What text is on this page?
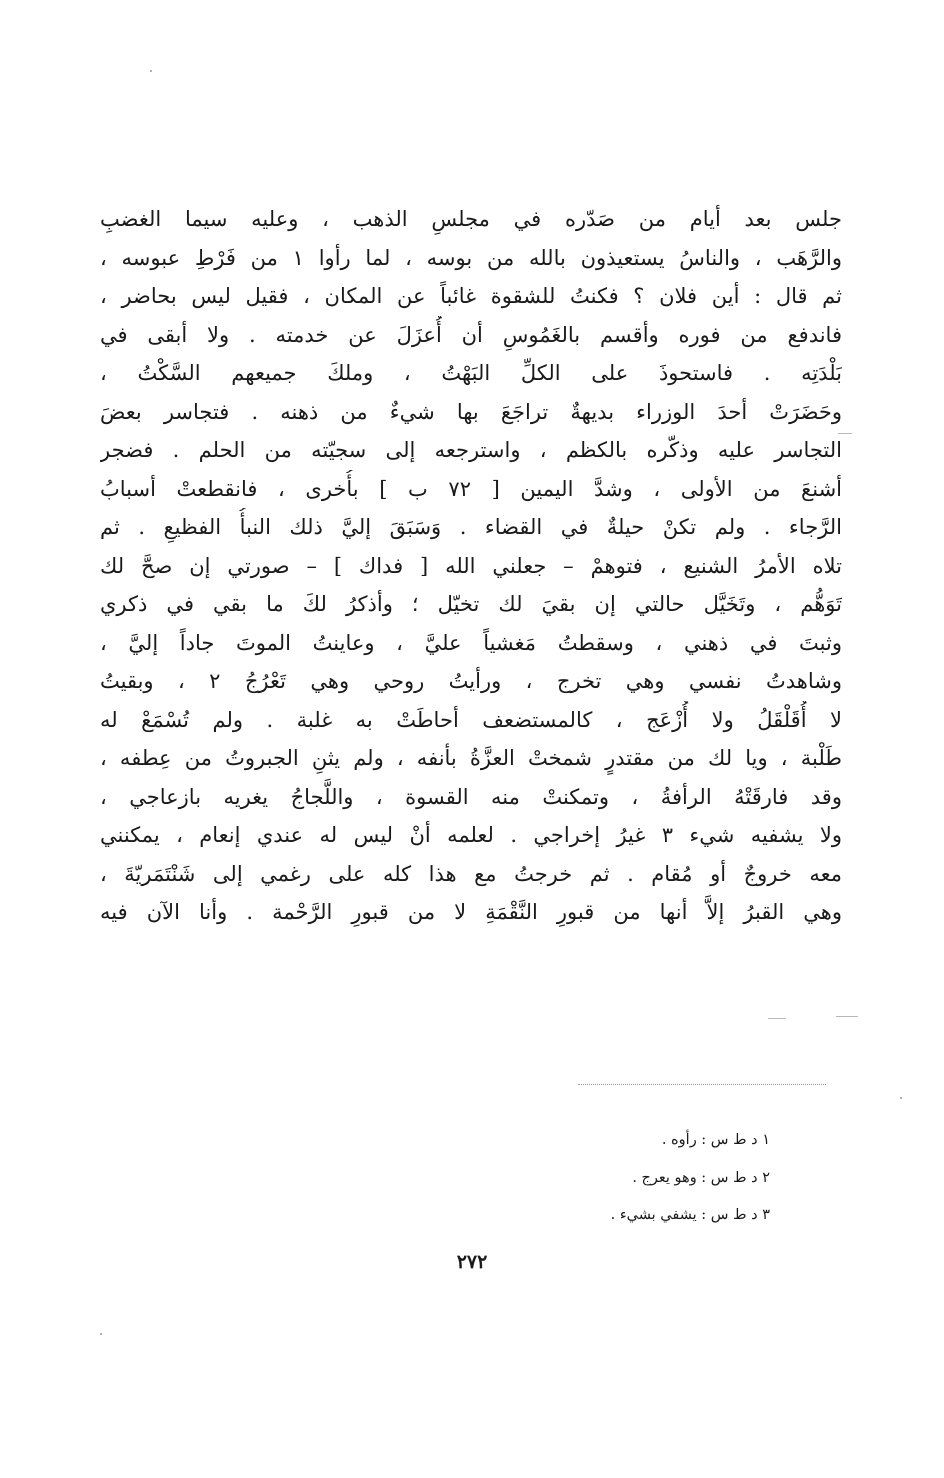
جلس بعد أيام من صَدّره في مجلسِ الذهب ، وعليه سيما الغضبِ
والرَّهَب ، والناسُ يستعيذون بالله من بوسه ، لما رأوا ١ من فَرْطِ عبوسه ،
ثم قال : أين فلان ؟ فكنتُ للشقوة غائباً عن المكان ، فقيل ليس بحاضر ،
فاندفع من فوره وأقسم بالغَمُوسِ أن أُعزَلَ عن خدمته . ولا أبقى في
بَلْدَتِه . فاستحوذَ على الكلِّ البَهْتُ ، وملكَ جميعهم السَّكْتُ ،
وحَضَرَتْ أحدَ الوزراء بديهةٌ تراجَعَ بها شيءٌ من ذهنه . فتجاسر بعضَ
التجاسر عليه وذكّره بالكظم ، واسترجعه إلى سجيّته من الحلم . فضجر
أشنعَ من الأولى ، وشدَّ اليمين [ ٧٢ ب ] بأُخرى ، فانقطعتْ أسبابُ
الرَّجاء . ولم تكنْ حيلةٌ في القضاء . وَسَبَقَ إليَّ ذلك النبأُ الفظيعِ . ثم
تلاه الأمرُ الشنيع ، فتوهمْ – جعلني الله [ فداك ] – صورتي إن صحَّ لك
تَوَهُّم ، وتَخَيَّل حالتي إن بقيَ لك تخيّل ؛ وأذكرُ لكَ ما بقي في ذكري
وثبتَ في ذهني ، وسقطتُ مَغشياً عليَّ ، وعاينتُ الموتَ جاداً إليَّ ،
وشاهدتُ نفسي وهي تخرج ، ورأيتُ روحي وهي تَعْرُجُ ٢ ، وبقيتُ
لا أُقَلْقَلُ ولا أُزْعَج ، كالمستضعف أحاطَتْ به غلبة . ولم تُسْمَعْ له
طَلْبة ، ويا لك من مقتدرٍ شمختْ العزَّةُ بأنفه ، ولم يثنِ الجبروتُ من عِطفه ،
وقد فارقَتْهُ الرأفةُ ، وتمكنتْ منه القسوة ، واللَّجاجُ يغريه بازعاجي ،
ولا يشفيه شيء ٣ غيرُ إخراجي . لعلمه أنْ ليس له عندي إنعام ، يمكنني
معه خروجٌ أو مُقام . ثم خرجتُ مع هذا كله على رغمي إلى شَنْتَمَريّةَ ،
وهي القبرُ إلاَّ أنها من قبورِ النَّقْمَةِ لا من قبورِ الرَّحْمة . وأنا الآن فيه
١ د ط س : رأوه .
٢ د ط س : وهو يعرج .
٣ د ط س : يشفي بشيء .
٢٧٢
